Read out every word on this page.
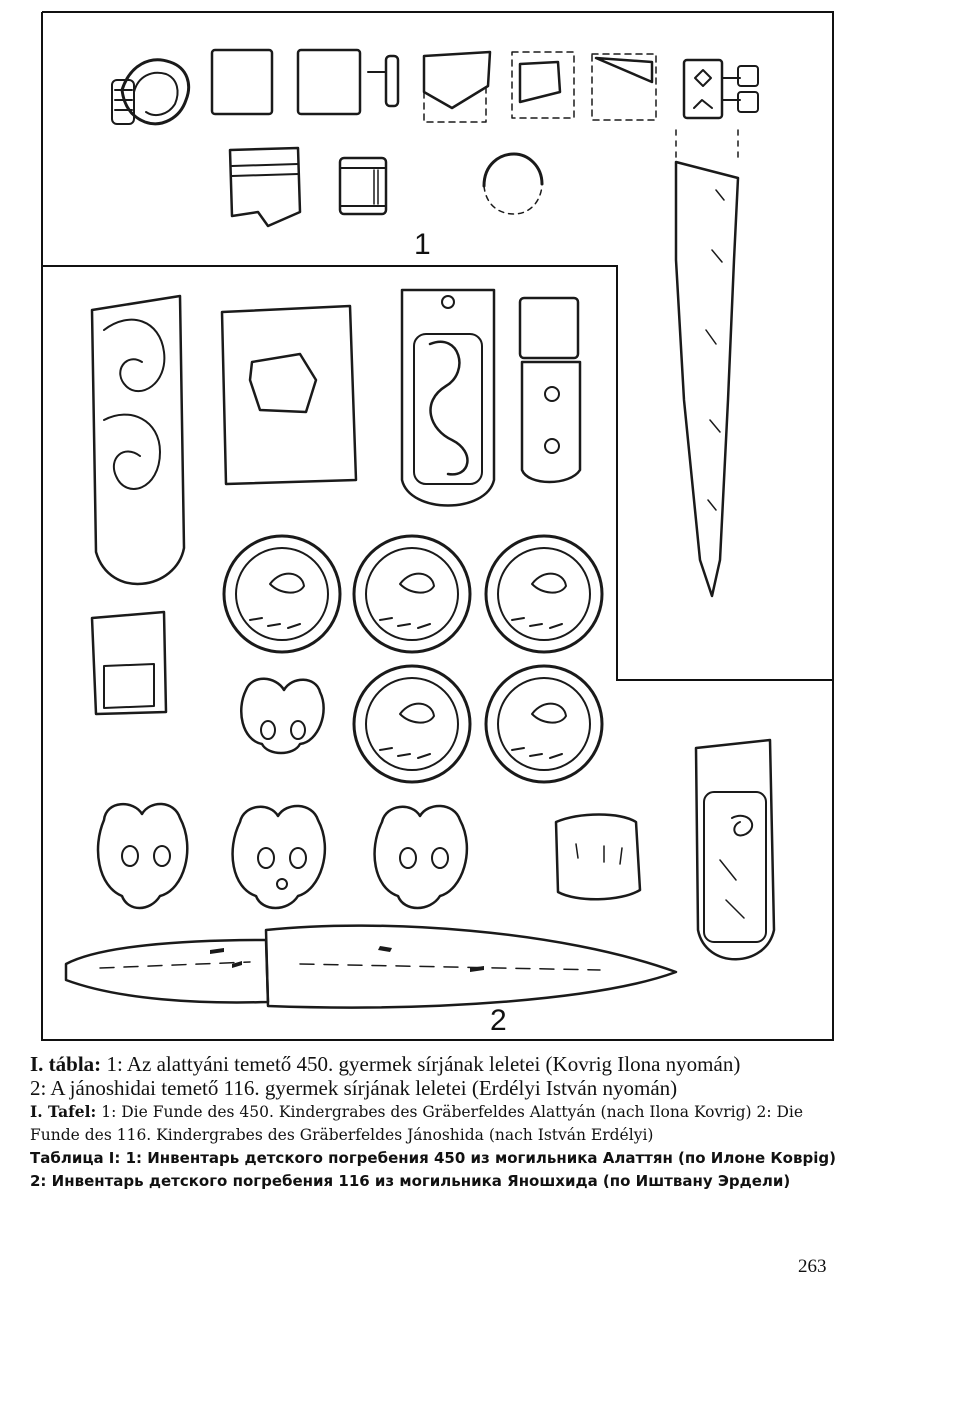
1
2

I. tábla: 1: Az alattyáni temető 450. gyermek sírjának leletei (Kovrig Ilona nyomán)

2: A jánoshidai temető 116. gyermek sírjának leletei (Erdélyi István nyomán)

I. Tafel: 1: Die Funde des 450. Kindergrabes des Gräberfeldes Alattyán (nach Ilona Kovrig) 2: Die Funde des 116. Kindergrabes des Gräberfeldes Jánoshida (nach István Erdélyi)

Таблица I: 1: Инвентарь детского погребения 450 из могильника Алаттян (по Илоне Коврig) 2: Инвентарь детского погребения 116 из могильника Яношхида (по Иштвану Эрдели)

263
